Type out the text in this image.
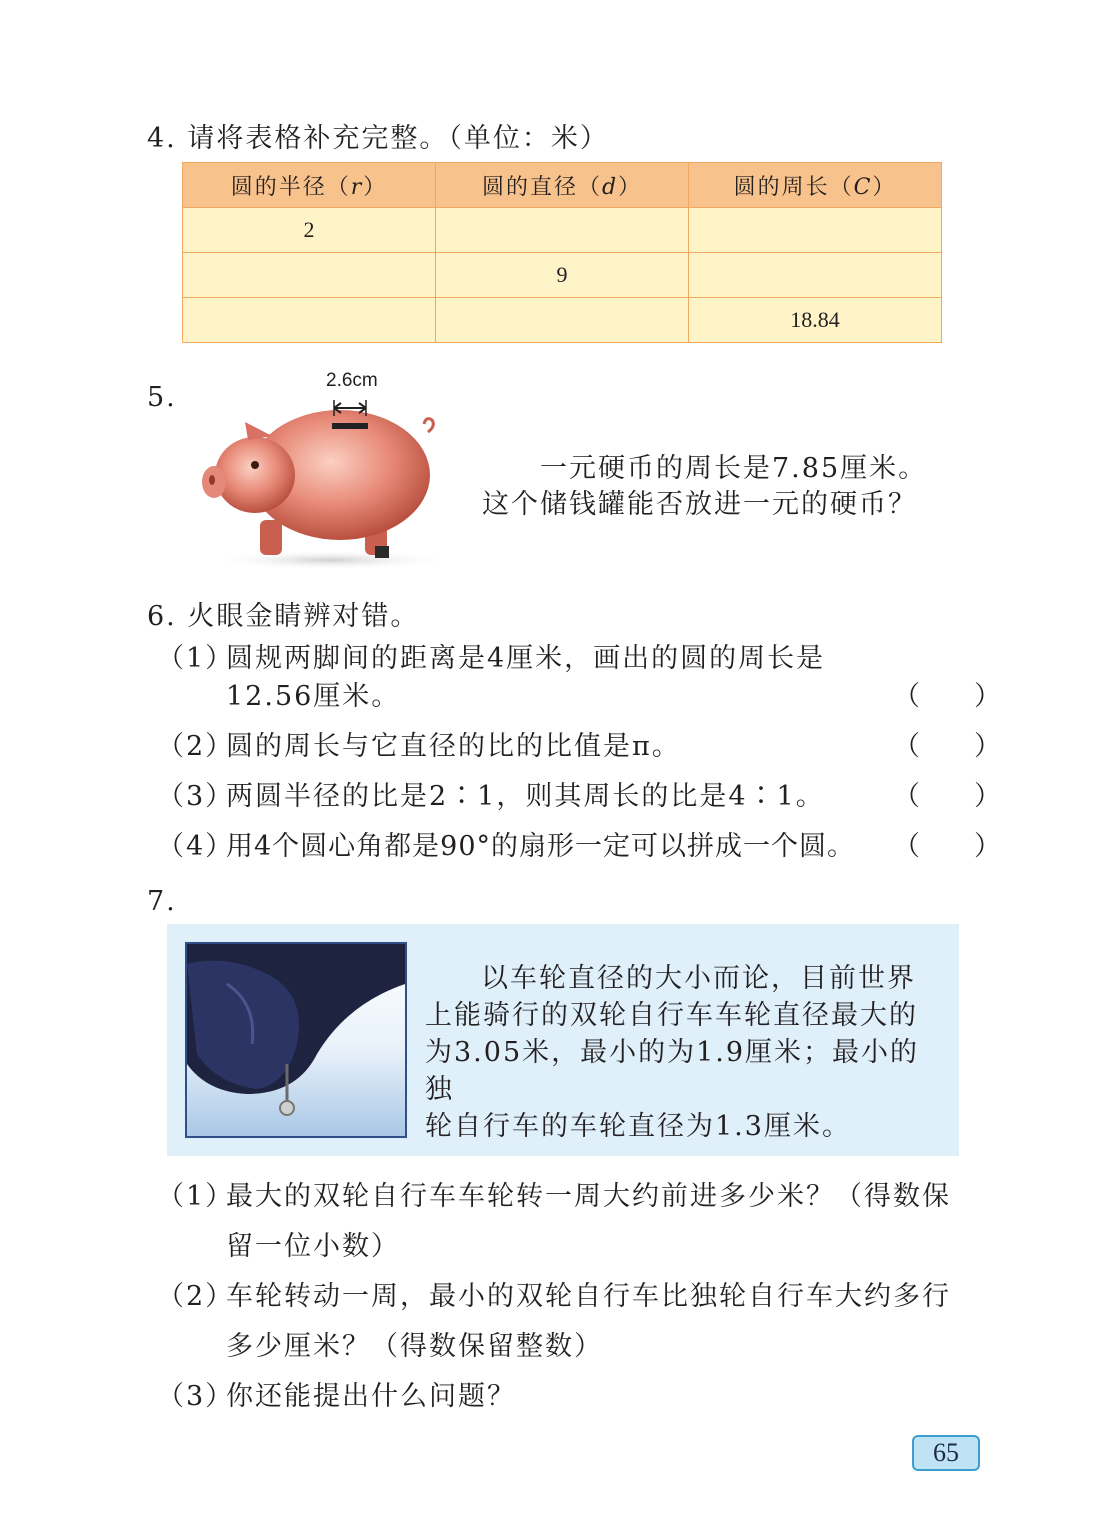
4. 请将表格补充完整。（单位：米）
圆的半径（r）	圆的直径（d）	圆的周长（C）
2		
	9	
		18.84
5.
2.6cm
一元硬币的周长是7.85厘米。
这个储钱罐能否放进一元的硬币？
6. 火眼金睛辨对错。
（1）
圆规两脚间的距离是4厘米，画出的圆的周长是
12.56厘米。	（　　）
（2）
圆的周长与它直径的比的比值是π。	（　　）
（3）
两圆半径的比是2∶1，则其周长的比是4∶1。	（　　）
（4）
用4个圆心角都是90°的扇形一定可以拼成一个圆。 （　　）
7.
以车轮直径的大小而论，目前世界
上能骑行的双轮自行车车轮直径最大的
为3.05米，最小的为1.9厘米；最小的独
轮自行车的车轮直径为1.3厘米。
（1）
最大的双轮自行车车轮转一周大约前进多少米？（得数保
留一位小数）
（2）
车轮转动一周，最小的双轮自行车比独轮自行车大约多行
多少厘米？（得数保留整数）
（3）
你还能提出什么问题？
65
